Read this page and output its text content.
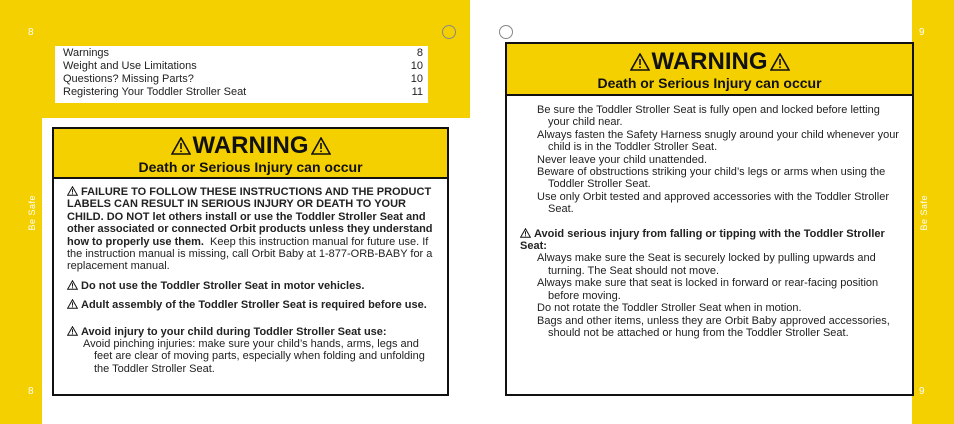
8
8
Be Safe
Warnings	8
Weight and Use Limitations	10
Questions? Missing Parts?	10
Registering Your Toddler Stroller Seat	11
WARNING
Death or Serious Injury can occur

FAILURE TO FOLLOW THESE INSTRUCTIONS AND THE PRODUCT LABELS CAN RESULT IN SERIOUS INJURY OR DEATH TO YOUR CHILD. DO NOT let others install or use the Toddler Stroller Seat and other associated or connected Orbit products unless they understand how to properly use them. Keep this instruction manual for future use. If the instruction manual is missing, call Orbit Baby at 1-877-ORB-BABY for a replacement manual.

Do not use the Toddler Stroller Seat in motor vehicles.

Adult assembly of the Toddler Stroller Seat is required before use.

Avoid injury to your child during Toddler Stroller Seat use:

Avoid pinching injuries: make sure your child’s hands, arms, legs and feet are clear of moving parts, especially when folding and unfolding the Toddler Stroller Seat.

9
9
Be Safe
WARNING
Death or Serious Injury can occur

Be sure the Toddler Stroller Seat is fully open and locked before letting your child near.

Always fasten the Safety Harness snugly around your child whenever your child is in the Toddler Stroller Seat.

Never leave your child unattended.

Beware of obstructions striking your child’s legs or arms when using the Toddler Stroller Seat.

Use only Orbit tested and approved accessories with the Toddler Stroller Seat.

Avoid serious injury from falling or tipping with the Toddler Stroller Seat:

Always make sure the Seat is securely locked by pulling upwards and turning. The Seat should not move.

Always make sure that seat is locked in forward or rear-facing position before moving.

Do not rotate the Toddler Stroller Seat when in motion.

Bags and other items, unless they are Orbit Baby approved accessories, should not be attached or hung from the Toddler Stroller Seat.
